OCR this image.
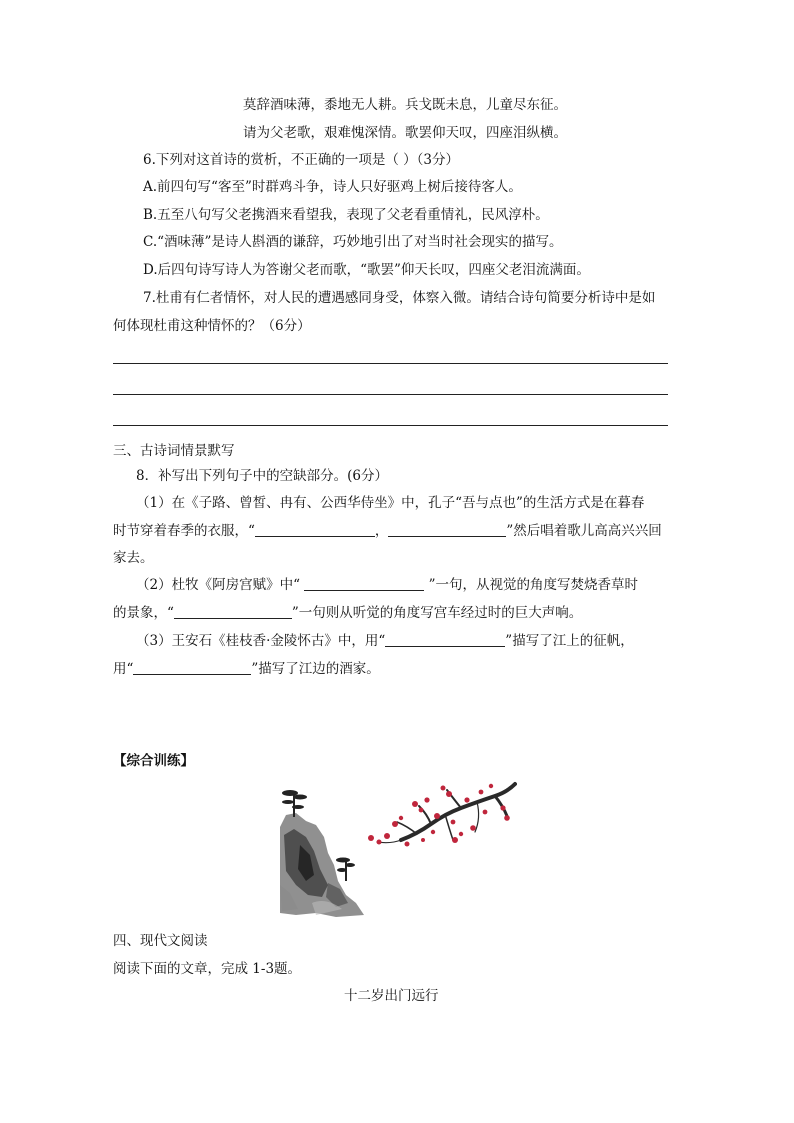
莫辞酒味薄，黍地无人耕。兵戈既未息，儿童尽东征。
请为父老歌，艰难愧深情。歌罢仰天叹，四座泪纵横。
6.下列对这首诗的赏析，不正确的一项是（ ）（3分）
A.前四句写“客至”时群鸡斗争，诗人只好驱鸡上树后接待客人。
B.五至八句写父老携酒来看望我，表现了父老看重情礼，民风淳朴。
C.“酒味薄”是诗人斟酒的谦辞，巧妙地引出了对当时社会现实的描写。
D.后四句诗写诗人为答谢父老而歌，“歌罢”仰天长叹，四座父老泪流满面。
7.杜甫有仁者情怀，对人民的遭遇感同身受，体察入微。请结合诗句简要分析诗中是如
何体现杜甫这种情怀的？（6分）
三、古诗词情景默写
8．补写出下列句子中的空缺部分。(6分）
（1）在《子路、曾皙、冉有、公西华侍坐》中，孔子“吾与点也”的生活方式是在暮春
时节穿着春季的衣服，“	，	”然后唱着歌儿高高兴兴回
家去。
（2）杜牧《阿房宫赋》中“	”一句，从视觉的角度写焚烧香草时
的景象，“	”一句则从听觉的角度写宫车经过时的巨大声响。
（3）王安石《桂枝香·金陵怀古》中，用“	”描写了江上的征帆，
用“	”描写了江边的酒家。
【综合训练】
四、现代文阅读
阅读下面的文章，完成 1-3题。
十二岁出门远行
